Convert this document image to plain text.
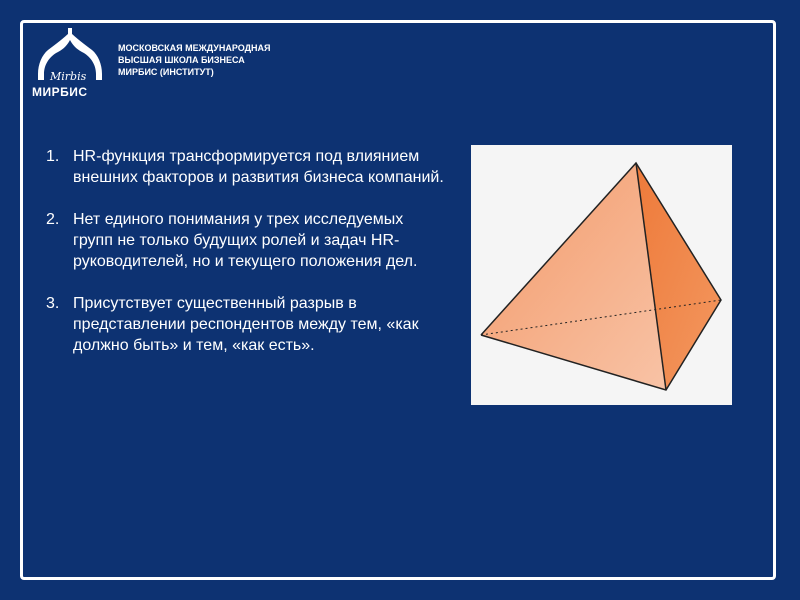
Mirbis
МИРБИС
МОСКОВСКАЯ МЕЖДУНАРОДНАЯ
ВЫСШАЯ ШКОЛА БИЗНЕСА
МИРБИС (ИНСТИТУТ)
1. HR-функция трансформируется под влиянием внешних факторов и развития бизнеса компаний.
2. Нет единого понимания у трех исследуемых групп не только будущих ролей и задач HR-руководителей, но и текущего положения дел.
3. Присутствует существенный разрыв в представлении респондентов между тем, «как должно быть» и тем, «как есть».
